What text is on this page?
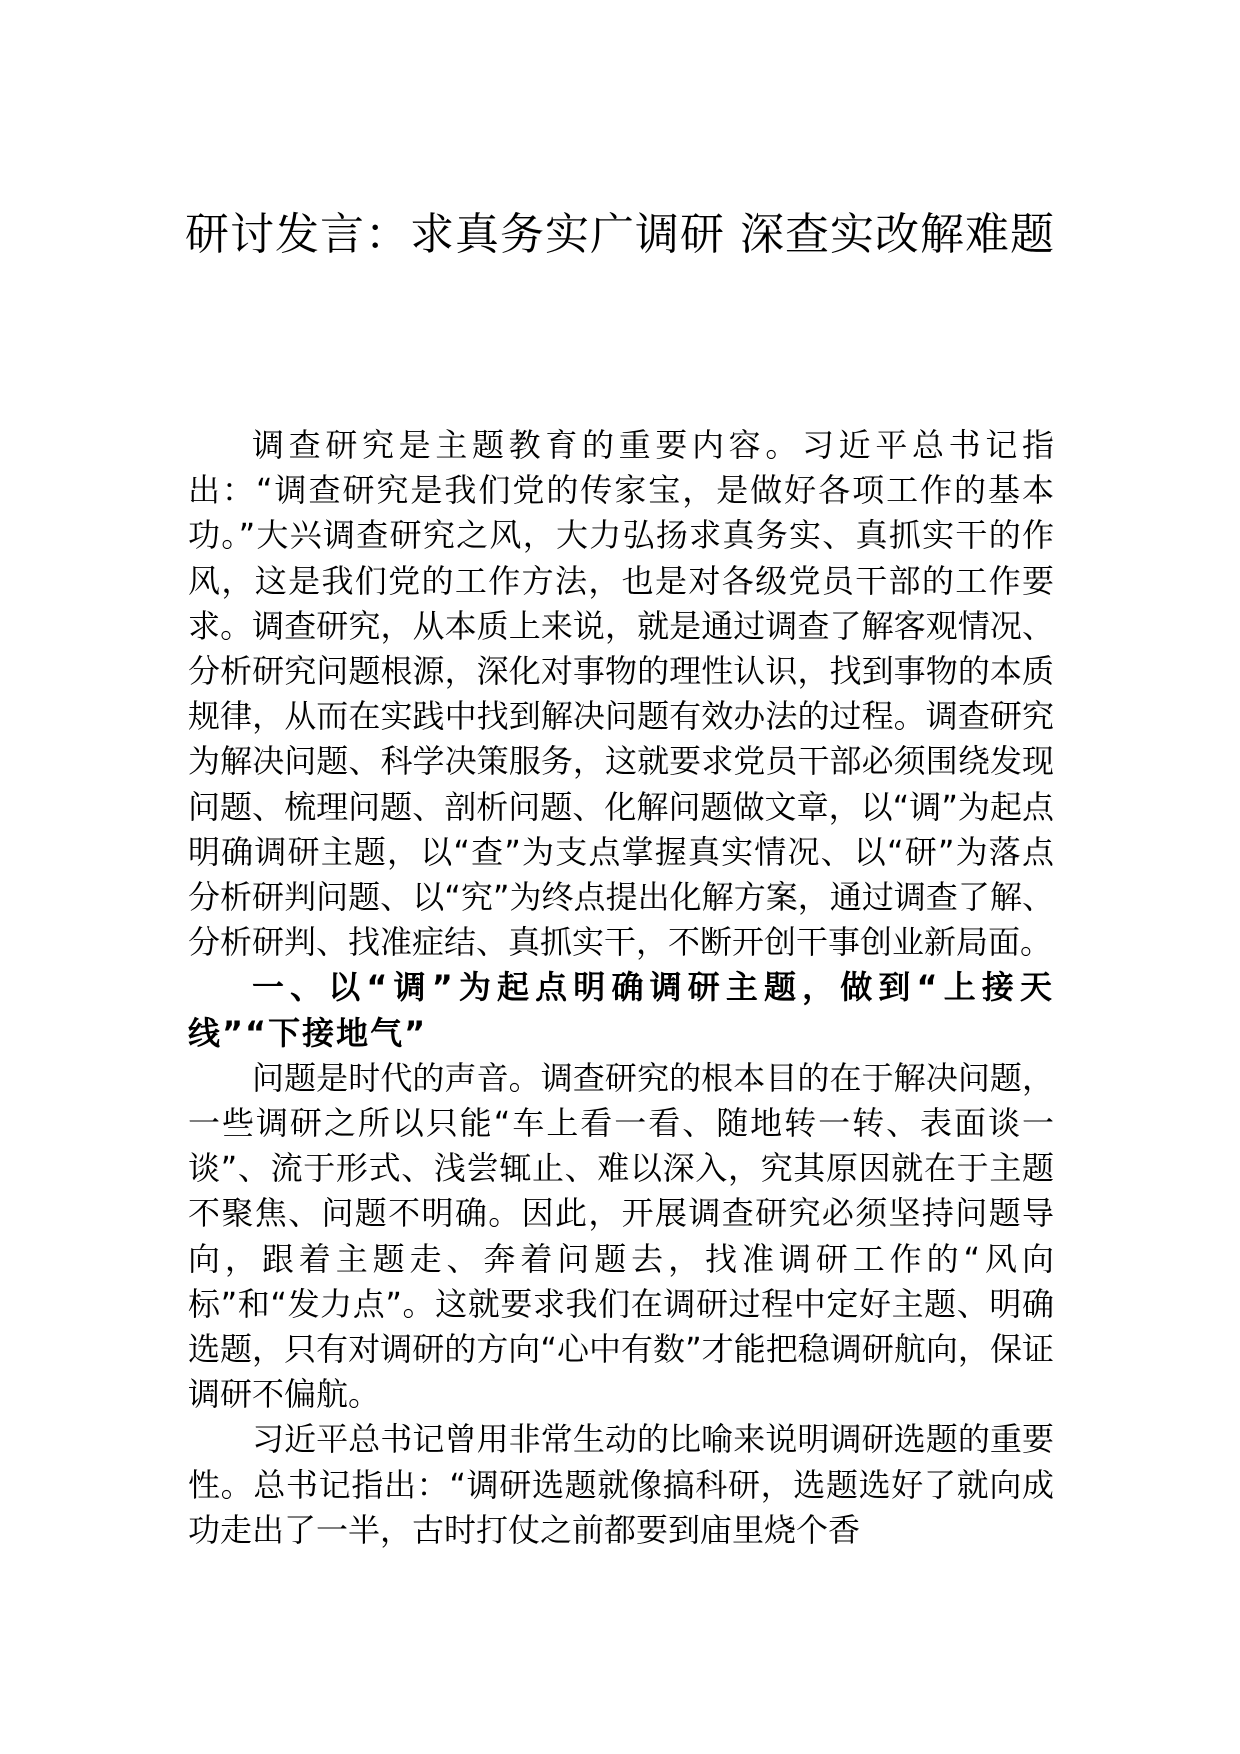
研讨发言：求真务实广调研 深查实改解难题

调查研究是主题教育的重要内容。习近平总书记指出：“调查研究是我们党的传家宝，是做好各项工作的基本功。”大兴调查研究之风，大力弘扬求真务实、真抓实干的作风，这是我们党的工作方法，也是对各级党员干部的工作要求。调查研究，从本质上来说，就是通过调查了解客观情况、分析研究问题根源，深化对事物的理性认识，找到事物的本质规律，从而在实践中找到解决问题有效办法的过程。调查研究为解决问题、科学决策服务，这就要求党员干部必须围绕发现问题、梳理问题、剖析问题、化解问题做文章，以“调”为起点明确调研主题，以“查”为支点掌握真实情况、以“研”为落点分析研判问题、以“究”为终点提出化解方案，通过调查了解、分析研判、找准症结、真抓实干，不断开创干事创业新局面。

一、以“调”为起点明确调研主题，做到“上接天线”“下接地气”

问题是时代的声音。调查研究的根本目的在于解决问题，一些调研之所以只能“车上看一看、随地转一转、表面谈一谈”、流于形式、浅尝辄止、难以深入，究其原因就在于主题不聚焦、问题不明确。因此，开展调查研究必须坚持问题导向，跟着主题走、奔着问题去，找准调研工作的“风向标”和“发力点”。这就要求我们在调研过程中定好主题、明确选题，只有对调研的方向“心中有数”才能把稳调研航向，保证调研不偏航。

习近平总书记曾用非常生动的比喻来说明调研选题的重要性。总书记指出：“调研选题就像搞科研，选题选好了就向成功走出了一半，古时打仗之前都要到庙里烧个香
